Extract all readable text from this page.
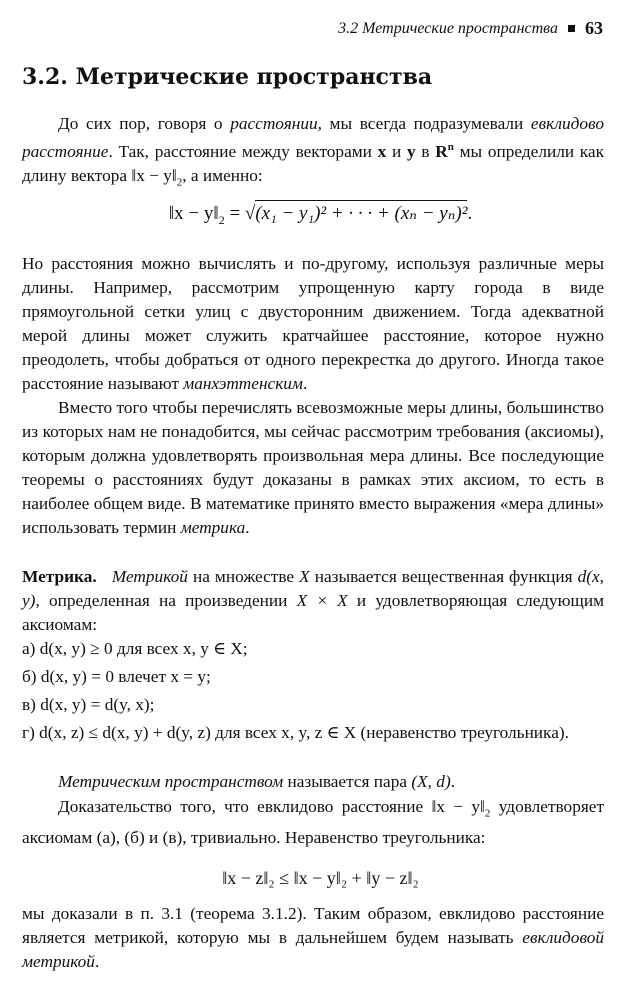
3.2 Метрические пространства 63
3.2. Метрические пространства

До сих пор, говоря о расстоянии, мы всегда подразумевали евклидово расстояние. Так, расстояние между векторами x и y в $R^n$ мы определили как длину вектора ‖x − $y‖_2$, а именно:

‖x − $y‖_2 = √(x_1 - y_1)^2$ + · · · + (xₙ − yₙ)².

Но расстояния можно вычислять и по-другому, используя различные меры длины. Например, рассмотрим упрощенную карту города в виде прямоугольной сетки улиц с двусторонним движением. Тогда адекватной мерой длины может служить кратчайшее расстояние, которое нужно преодолеть, чтобы добраться от одного перекрестка до другого. Иногда такое расстояние называют манхэттенским.

Вместо того чтобы перечислять всевозможные меры длины, большинство из которых нам не понадобится, мы сейчас рассмотрим требования (аксиомы), которым должна удовлетворять произвольная мера длины. Все последующие теоремы о расстояниях будут доказаны в рамках этих аксиом, то есть в наиболее общем виде. В математике принято вместо выражения «мера длины» использовать термин метрика.

Метрика. Метрикой на множестве X называется вещественная функция d(x, y), определенная на произведении X × X и удовлетворяющая следующим аксиомам:

а) d(x, y) ≥ 0 для всех x, y ∈ X;

б) d(x, y) = 0 влечет x = y;

в) d(x, y) = d(y, x);

г) d(x, z) ≤ d(x, y) + d(y, z) для всех x, y, z ∈ X (неравенство треугольника).

Метрическим пространством называется пара (X, d).

Доказательство того, что евклидово расстояние ‖x − $y‖_2$ удовлетворяет аксиомам (а), (б) и (в), тривиально. Неравенство треугольника:

‖x − z‖₂ ≤ ‖x − y‖₂ + ‖y − z‖₂

мы доказали в п. 3.1 (теорема 3.1.2). Таким образом, евклидово расстояние является метрикой, которую мы в дальнейшем будем называть евклидовой метрикой.
